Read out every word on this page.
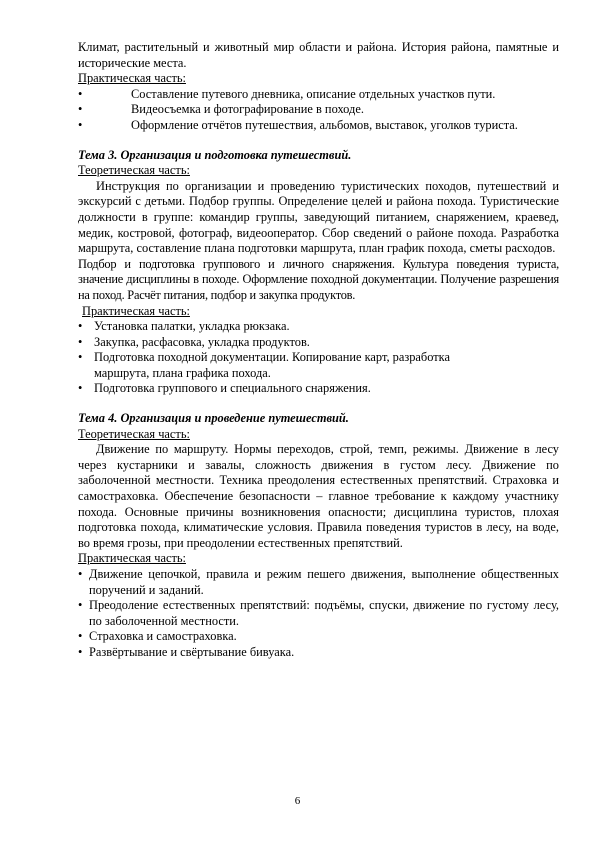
Климат, растительный и животный мир области и района. История района, памятные и исторические места.

Практическая часть:

•	Составление путевого дневника, описание отдельных участков пути.
•	Видеосъемка и фотографирование в походе.
•	Оформление отчётов путешествия, альбомов, выставок, уголков туриста.

Тема 3. Организация и подготовка путешествий.

Теоретическая часть:

Инструкция по организации и проведению туристических походов, путешествий и экскурсий с детьми. Подбор группы. Определение целей и района похода. Туристические должности в группе: командир группы, заведующий питанием, снаряжением, краевед, медик, костровой, фотограф, видеооператор. Сбор сведений о районе похода. Разработка маршрута, составление плана подготовки маршрута, план график похода, сметы расходов.

Подбор и подготовка группового и личного снаряжения. Культура поведения туриста, значение дисциплины в походе. Оформление походной документации. Получение разрешения на поход. Расчёт питания, подбор и закупка продуктов.

Практическая часть:

• Установка палатки, укладка рюкзака.
• Закупка, расфасовка, укладка продуктов.
• Подготовка походной документации. Копирование карт, разработка маршрута, плана графика похода.
• Подготовка группового и специального снаряжения.

Тема 4. Организация и проведение путешествий.

Теоретическая часть:

Движение по маршруту. Нормы переходов, строй, темп, режимы. Движение в лесу через кустарники и завалы, сложность движения в густом лесу. Движение по заболоченной местности. Техника преодоления естественных препятствий. Страховка и самостраховка. Обеспечение безопасности – главное требование к каждому участнику похода. Основные причины возникновения опасности; дисциплина туристов, плохая подготовка похода, климатические условия. Правила поведения туристов в лесу, на воде, во время грозы, при преодолении естественных препятствий.

Практическая часть:

• Движение цепочкой, правила и режим пешего движения, выполнение общественных поручений и заданий.
• Преодоление естественных препятствий: подъёмы, спуски, движение по густому лесу, по заболоченной местности.
• Страховка и самостраховка.
• Развёртывание и свёртывание бивуака.
6
